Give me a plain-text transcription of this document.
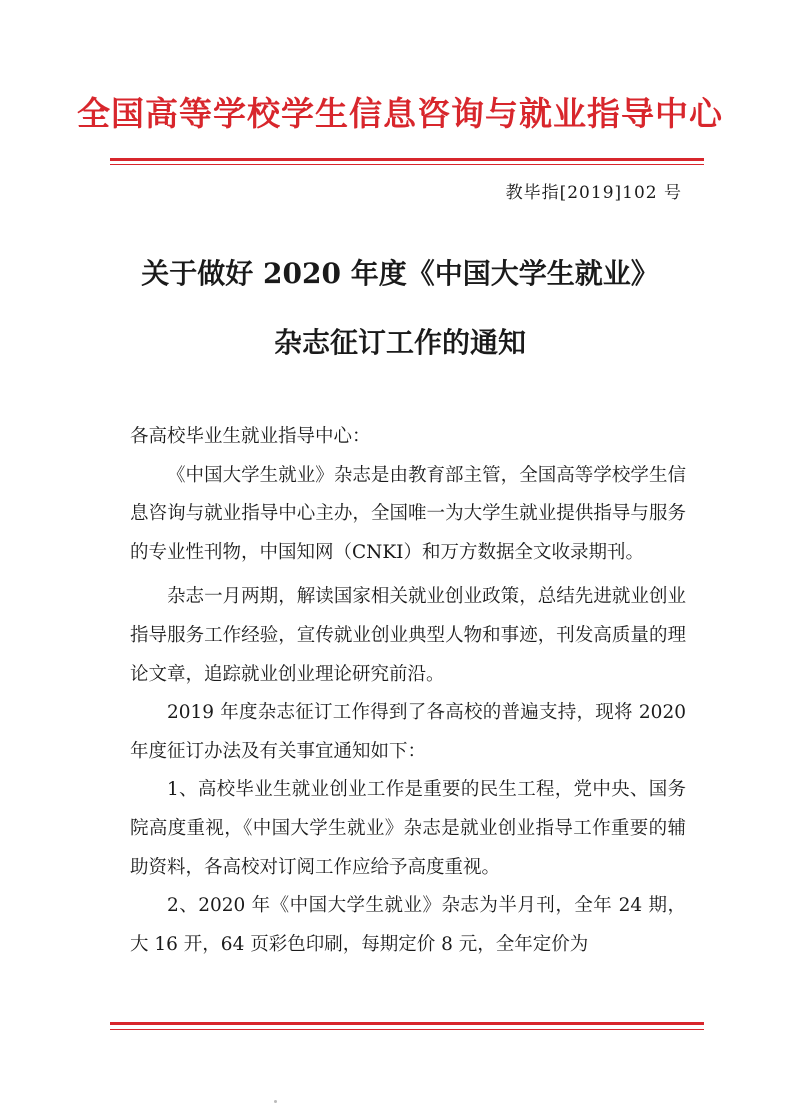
全国高等学校学生信息咨询与就业指导中心
教毕指[2019]102 号
关于做好 2020 年度《中国大学生就业》
杂志征订工作的通知

各高校毕业生就业指导中心：

《中国大学生就业》杂志是由教育部主管，全国高等学校学生信息咨询与就业指导中心主办，全国唯一为大学生就业提供指导与服务的专业性刊物，中国知网（CNKI）和万方数据全文收录期刊。

杂志一月两期，解读国家相关就业创业政策，总结先进就业创业指导服务工作经验，宣传就业创业典型人物和事迹，刊发高质量的理论文章，追踪就业创业理论研究前沿。

2019 年度杂志征订工作得到了各高校的普遍支持，现将 2020 年度征订办法及有关事宜通知如下：

1、高校毕业生就业创业工作是重要的民生工程，党中央、国务院高度重视，《中国大学生就业》杂志是就业创业指导工作重要的辅助资料，各高校对订阅工作应给予高度重视。

2、2020 年《中国大学生就业》杂志为半月刊，全年 24 期，大 16 开，64 页彩色印刷，每期定价 8 元，全年定价为
